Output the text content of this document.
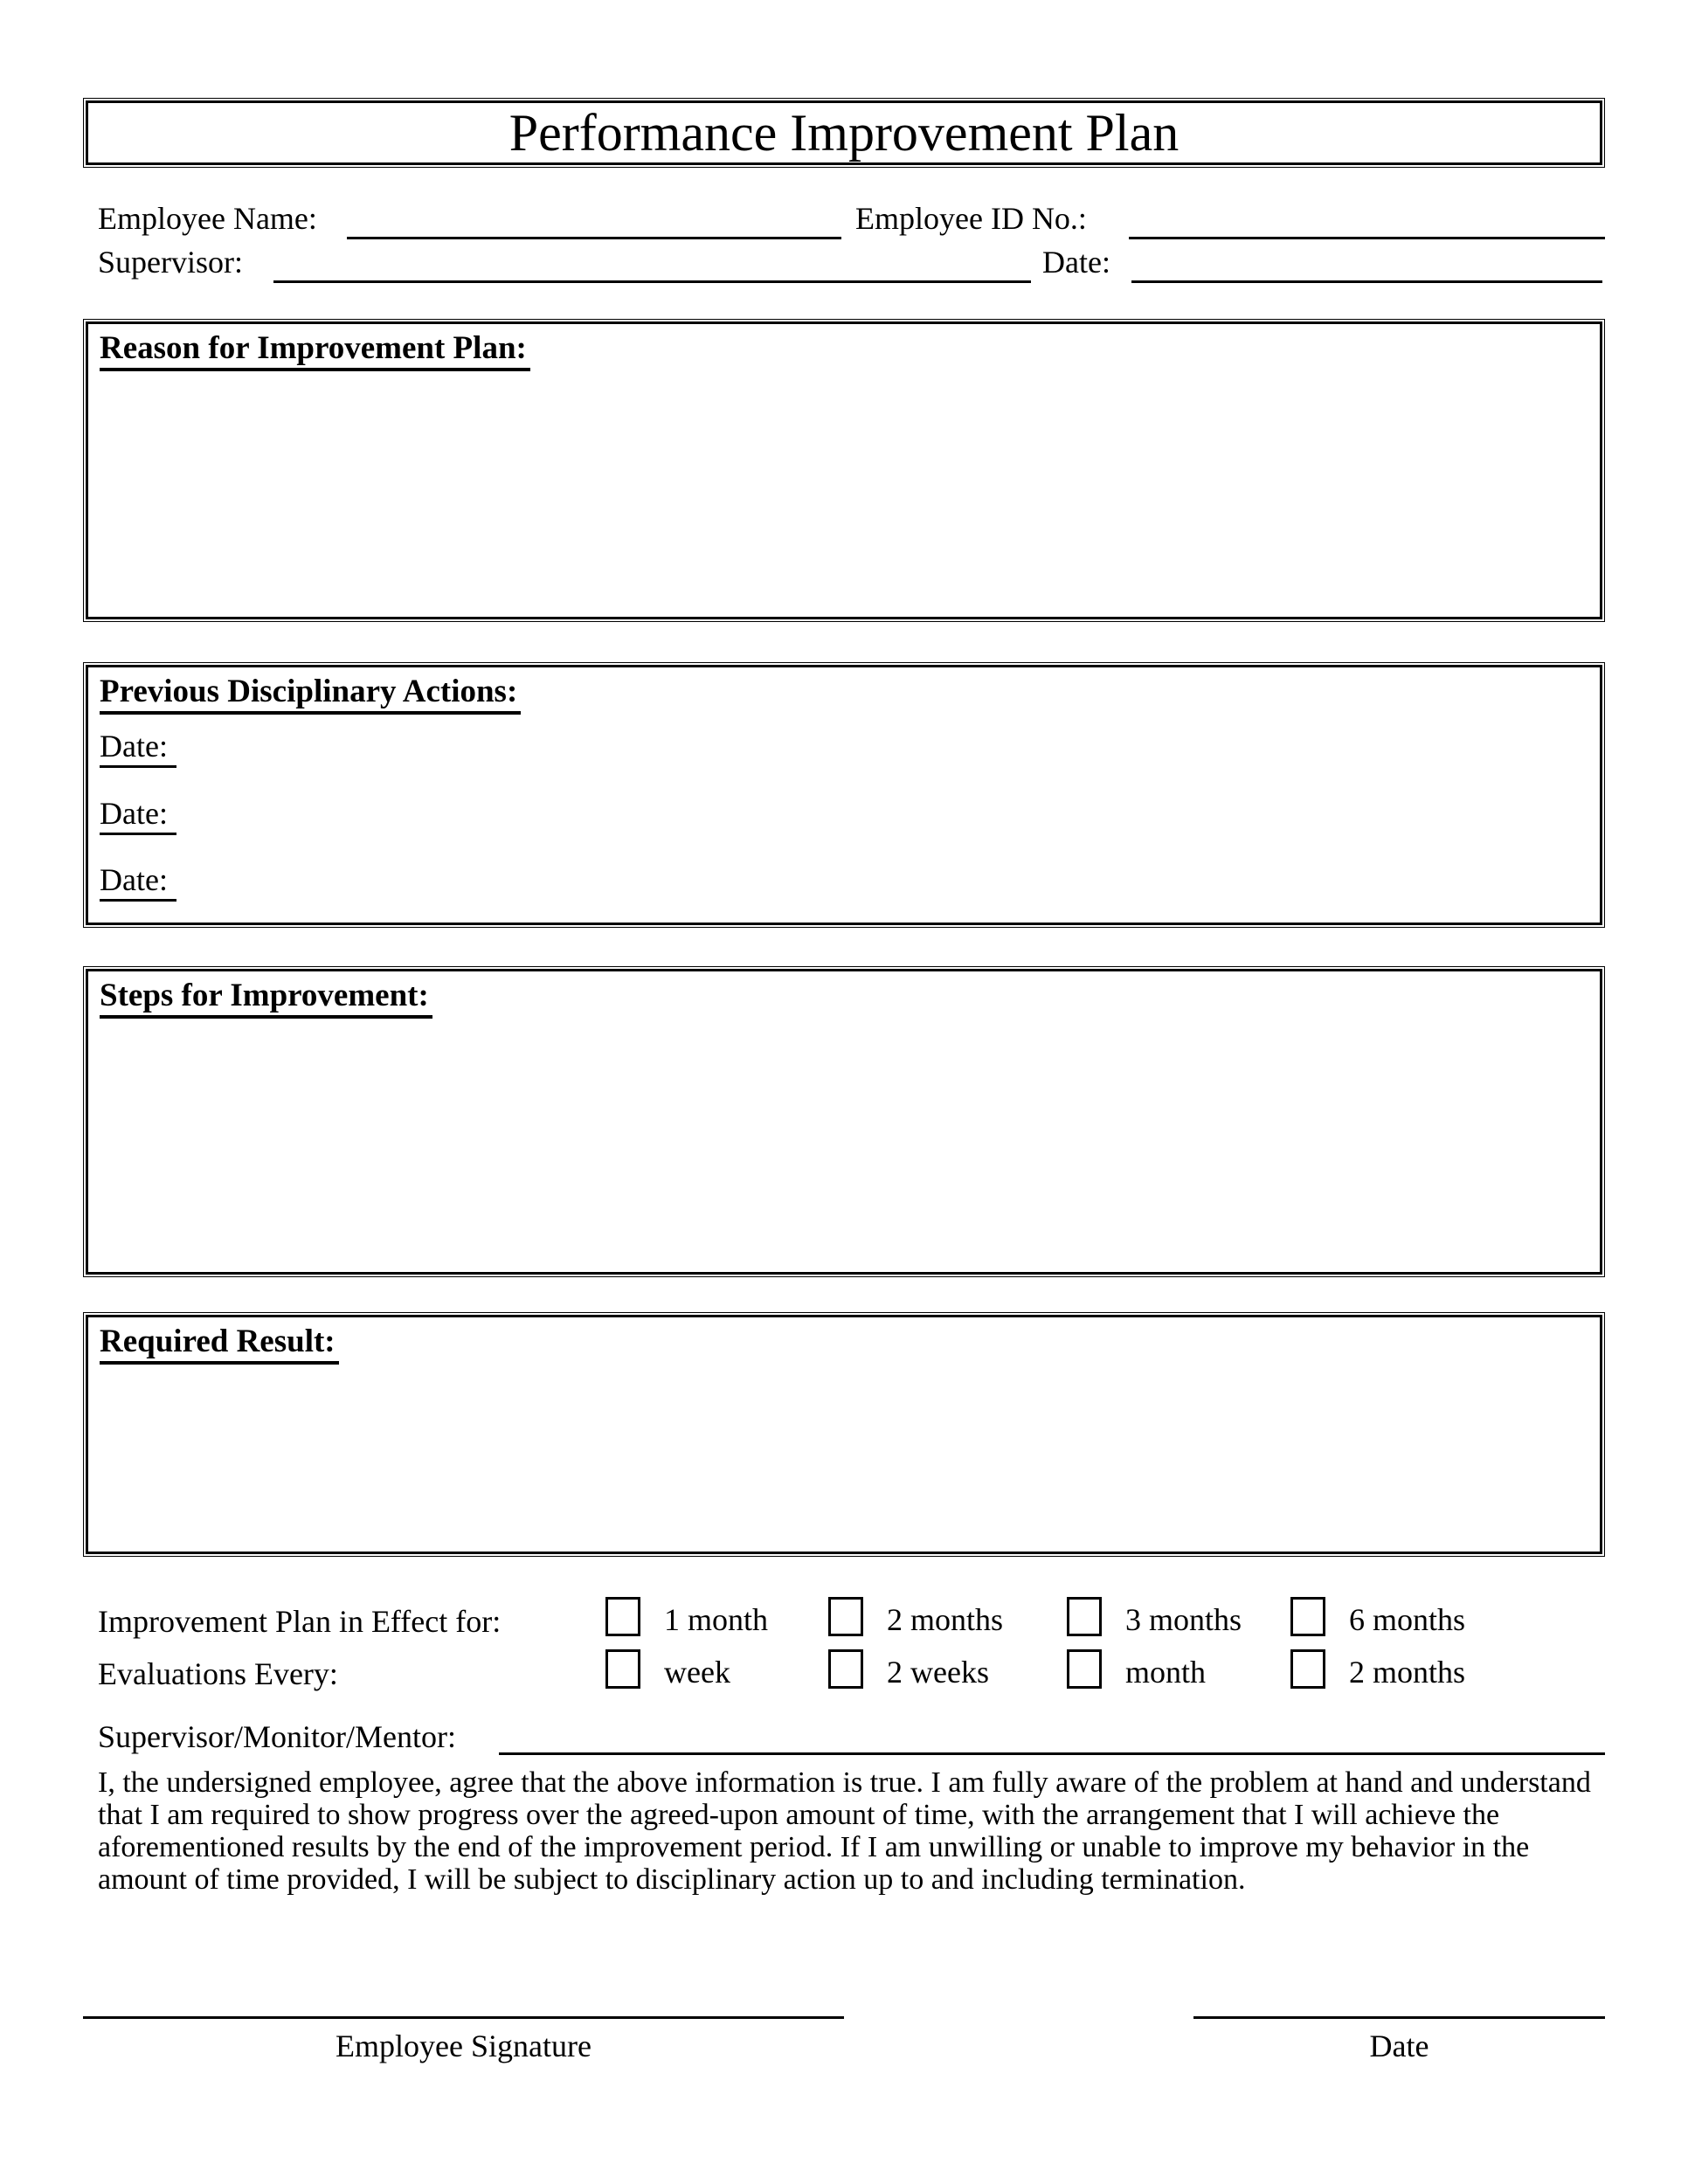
Performance Improvement Plan
Employee Name:	Employee ID No.:
Supervisor:	Date:
Reason for Improvement Plan:
Previous Disciplinary Actions:
Date:
Date:
Date:
Steps for Improvement:
Required Result:
Improvement Plan in Effect for:	1 month	2 months	3 months	6 months
Evaluations Every:	week	2 weeks	month	2 months
Supervisor/Monitor/Mentor:
I, the undersigned employee, agree that the above information is true. I am fully aware of the problem at hand and understand that I am required to show progress over the agreed-upon amount of time, with the arrangement that I will achieve the aforementioned results by the end of the improvement period. If I am unwilling or unable to improve my behavior in the amount of time provided, I will be subject to disciplinary action up to and including termination.
Employee Signature	Date
